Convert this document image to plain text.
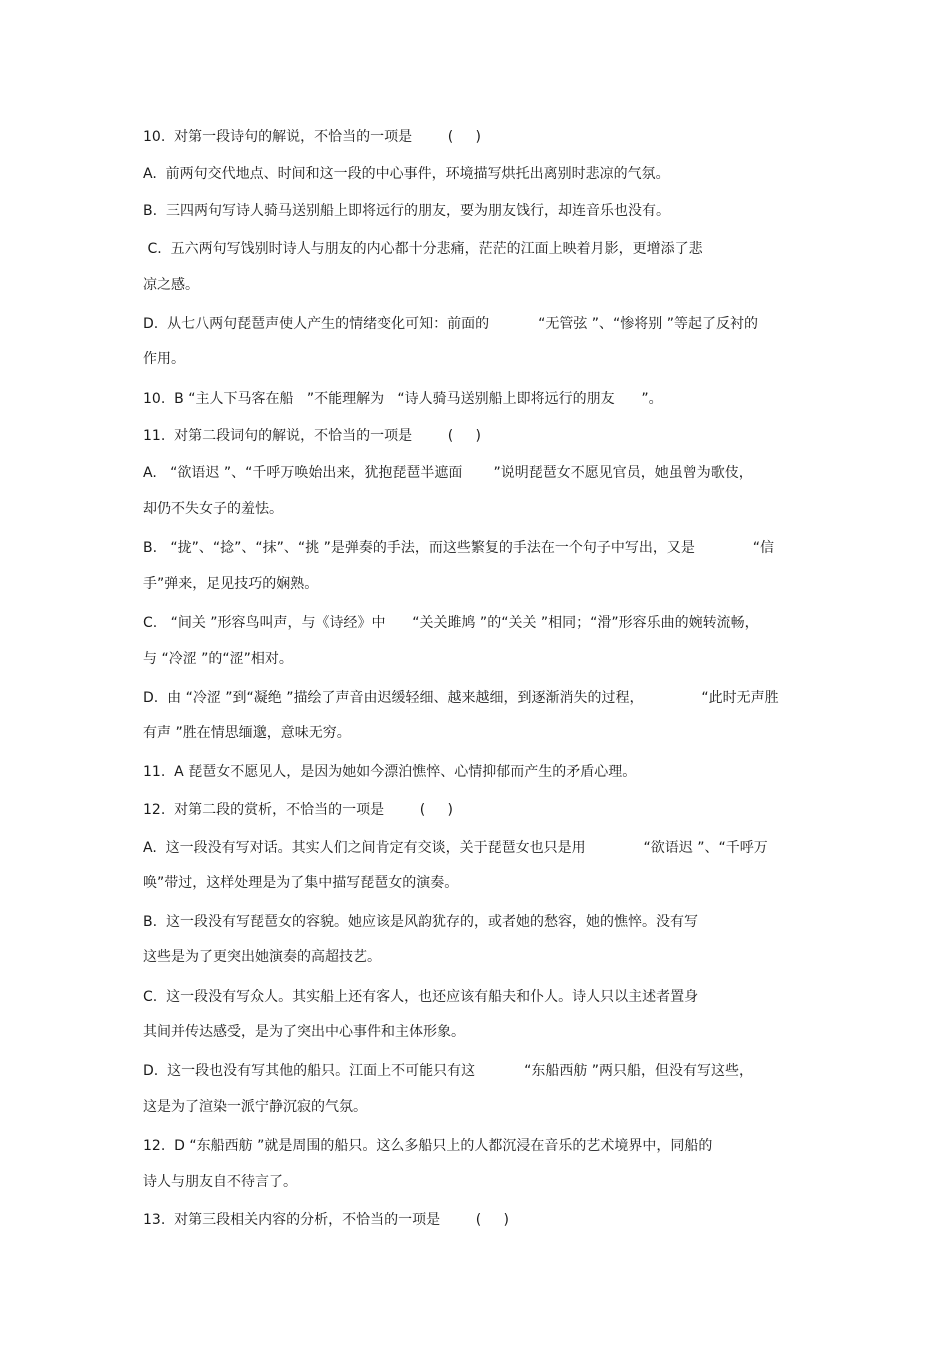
10.  对第一段诗句的解说，不恰当的一项是        (     )
A.  前两句交代地点、时间和这一段的中心事件，环境描写烘托出离别时悲凉的气氛。
B.  三四两句写诗人骑马送别船上即将远行的朋友，要为朋友饯行，却连音乐也没有。
C.  五六两句写饯别时诗人与朋友的内心都十分悲痛，茫茫的江面上映着月影，更增添了悲
凉之感。
D.  从七八两句琵琶声使人产生的情绪变化可知：前面的           “无管弦 ”、“惨将别 ”等起了反衬的
作用。
10.  B “主人下马客在船   ”不能理解为   “诗人骑马送别船上即将远行的朋友      ”。
11.  对第二段词句的解说，不恰当的一项是        (     )
A.   “欲语迟 ”、“千呼万唤始出来，犹抱琵琶半遮面       ”说明琵琶女不愿见官员，她虽曾为歌伎，
却仍不失女子的羞怯。
B.   “拢”、“捻”、“抹”、“挑 ”是弹奏的手法，而这些繁复的手法在一个句子中写出，又是             “信
手”弹来，足见技巧的娴熟。
C.   “间关 ”形容鸟叫声，与《诗经》中      “关关雎鸠 ”的“关关 ”相同；“滑”形容乐曲的婉转流畅，
与 “冷涩 ”的“涩”相对。
D.  由 “冷涩 ”到“凝绝 ”描绘了声音由迟缓轻细、越来越细，到逐渐消失的过程，             “此时无声胜
有声 ”胜在情思缅邈，意味无穷。
11.  A 琵琶女不愿见人，是因为她如今漂泊憔悴、心情抑郁而产生的矛盾心理。
12.  对第二段的赏析，不恰当的一项是        (     )
A.  这一段没有写对话。其实人们之间肯定有交谈，关于琵琶女也只是用             “欲语迟 ”、“千呼万
唤”带过，这样处理是为了集中描写琵琶女的演奏。
B.  这一段没有写琵琶女的容貌。她应该是风韵犹存的，或者她的愁容，她的憔悴。没有写
这些是为了更突出她演奏的高超技艺。
C.  这一段没有写众人。其实船上还有客人，也还应该有船夫和仆人。诗人只以主述者置身
其间并传达感受，是为了突出中心事件和主体形象。
D.  这一段也没有写其他的船只。江面上不可能只有这           “东船西舫 ”两只船，但没有写这些，
这是为了渲染一派宁静沉寂的气氛。
12.  D “东船西舫 ”就是周围的船只。这么多船只上的人都沉浸在音乐的艺术境界中，同船的
诗人与朋友自不待言了。
13.  对第三段相关内容的分析，不恰当的一项是        (     )
